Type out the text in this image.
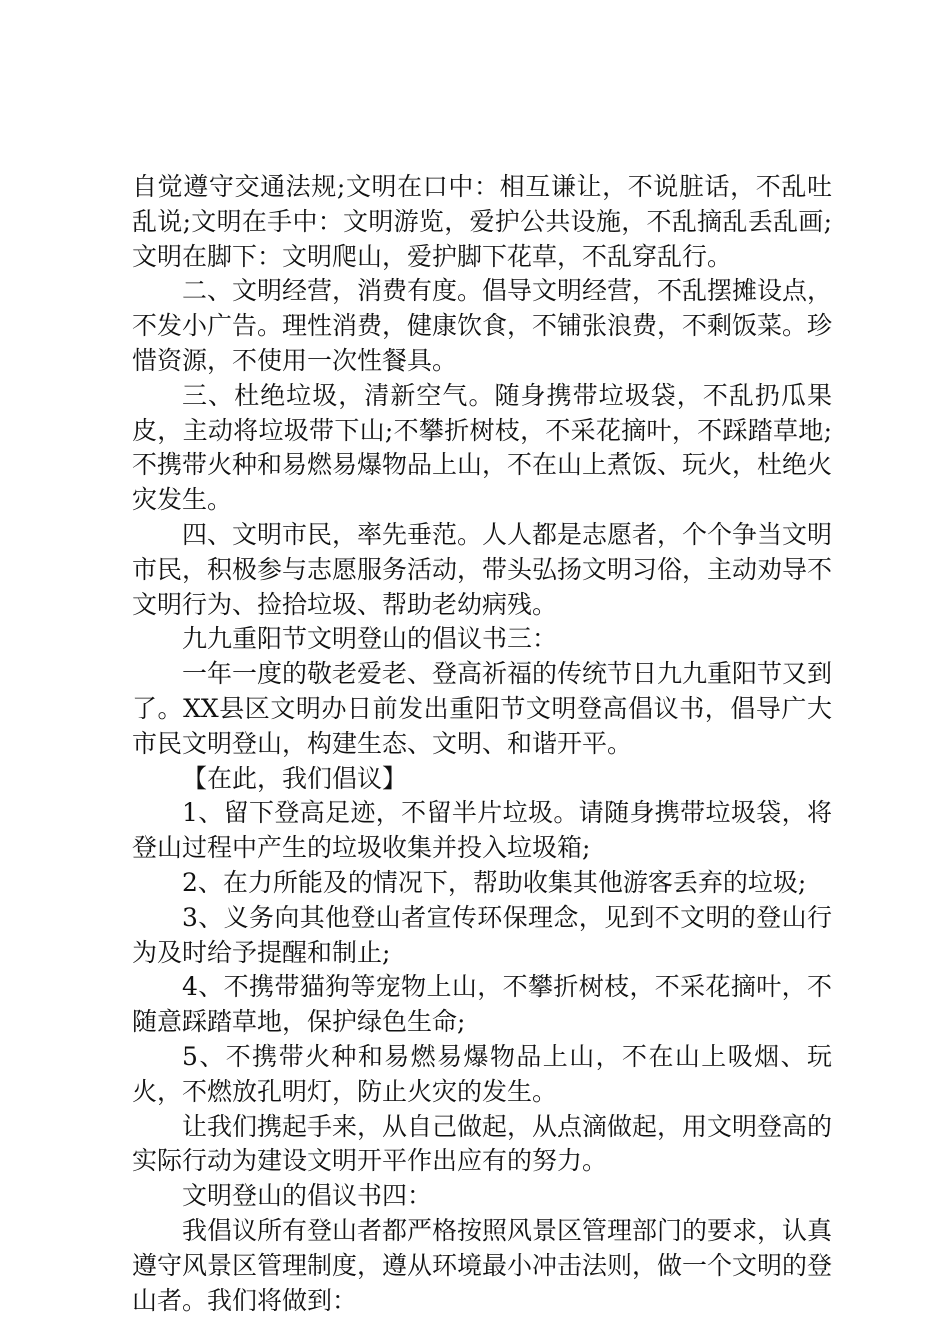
自觉遵守交通法规;文明在口中：相互谦让，不说脏话，不乱吐乱说;文明在手中：文明游览，爱护公共设施，不乱摘乱丢乱画;文明在脚下：文明爬山，爱护脚下花草，不乱穿乱行。

二、文明经营，消费有度。倡导文明经营，不乱摆摊设点，不发小广告。理性消费，健康饮食，不铺张浪费，不剩饭菜。珍惜资源，不使用一次性餐具。

三、杜绝垃圾，清新空气。随身携带垃圾袋，不乱扔瓜果皮，主动将垃圾带下山;不攀折树枝，不采花摘叶，不踩踏草地;不携带火种和易燃易爆物品上山，不在山上煮饭、玩火，杜绝火灾发生。

四、文明市民，率先垂范。人人都是志愿者，个个争当文明市民，积极参与志愿服务活动，带头弘扬文明习俗，主动劝导不文明行为、捡拾垃圾、帮助老幼病残。

九九重阳节文明登山的倡议书三：

一年一度的敬老爱老、登高祈福的传统节日九九重阳节又到了。XX县区文明办日前发出重阳节文明登高倡议书，倡导广大市民文明登山，构建生态、文明、和谐开平。

【在此，我们倡议】

1、留下登高足迹，不留半片垃圾。请随身携带垃圾袋，将登山过程中产生的垃圾收集并投入垃圾箱;

2、在力所能及的情况下，帮助收集其他游客丢弃的垃圾;

3、义务向其他登山者宣传环保理念，见到不文明的登山行为及时给予提醒和制止;

4、不携带猫狗等宠物上山，不攀折树枝，不采花摘叶，不随意踩踏草地，保护绿色生命;

5、不携带火种和易燃易爆物品上山，不在山上吸烟、玩火，不燃放孔明灯，防止火灾的发生。

让我们携起手来，从自己做起，从点滴做起，用文明登高的实际行动为建设文明开平作出应有的努力。

文明登山的倡议书四：

我倡议所有登山者都严格按照风景区管理部门的要求，认真遵守风景区管理制度，遵从环境最小冲击法则，做一个文明的登山者。我们将做到：
